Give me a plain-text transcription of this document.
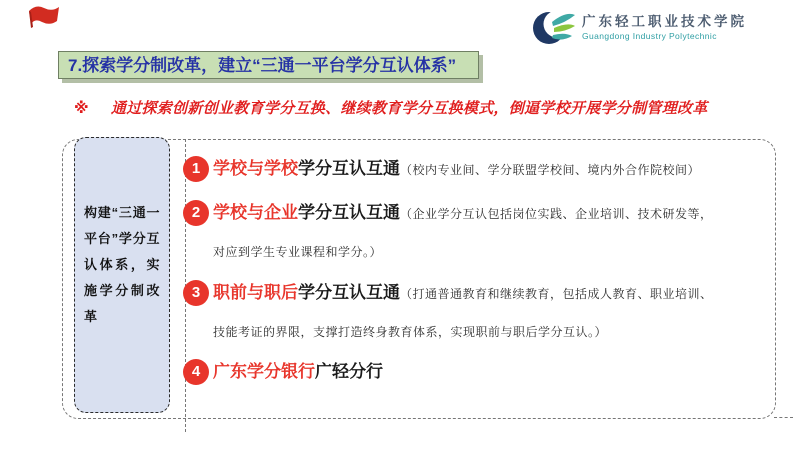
广东轻工职业技术学院
Guangdong Industry Polytechnic
7.探索学分制改革，建立“三通一平台学分互认体系”
※ 通过探索创新创业教育学分互换、继续教育学分互换模式，倒逼学校开展学分制管理改革
构建“三通一平台”学分互认体系，实施学分制改革
1 学校与学校学分互认互通（校内专业间、学分联盟学校间、境内外合作院校间）
2 学校与企业学分互认互通（企业学分互认包括岗位实践、企业培训、技术研发等，
对应到学生专业课程和学分。）
3 职前与职后学分互认互通（打通普通教育和继续教育，包括成人教育、职业培训、
技能考证的界限，支撑打造终身教育体系，实现职前与职后学分互认。）
4 广东学分银行广轻分行
